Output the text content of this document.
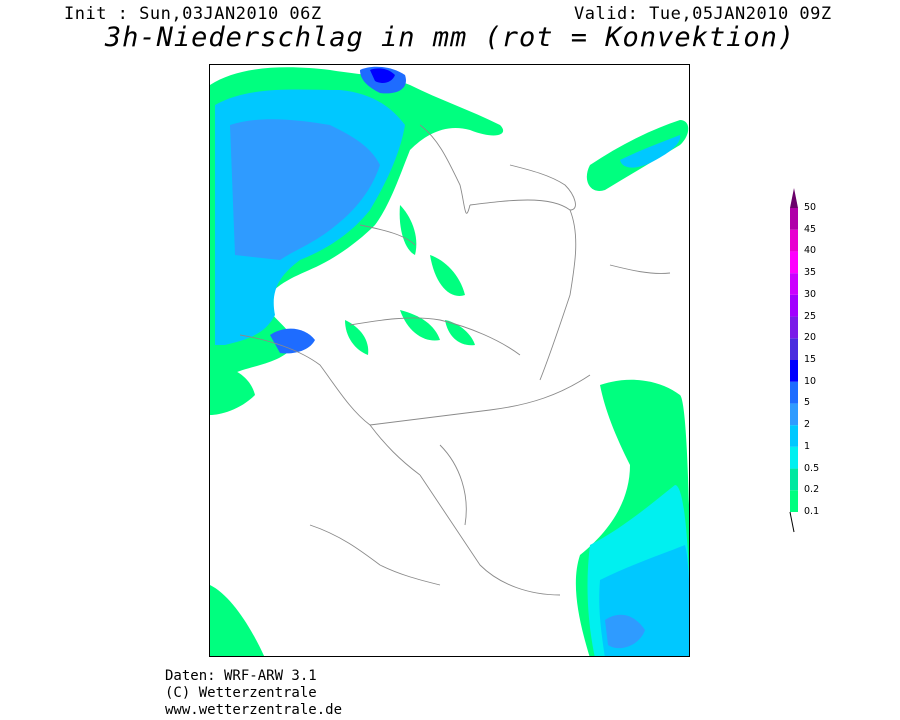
Init : Sun,03JAN2010 06Z	Valid: Tue,05JAN2010 09Z
3h-Niederschlag in mm (rot = Konvektion)
0.1
0.2
0.5
1
2
5
10
15
20
25
30
35
40
45
50
Daten: WRF-ARW 3.1
(C) Wetterzentrale
www.wetterzentrale.de
